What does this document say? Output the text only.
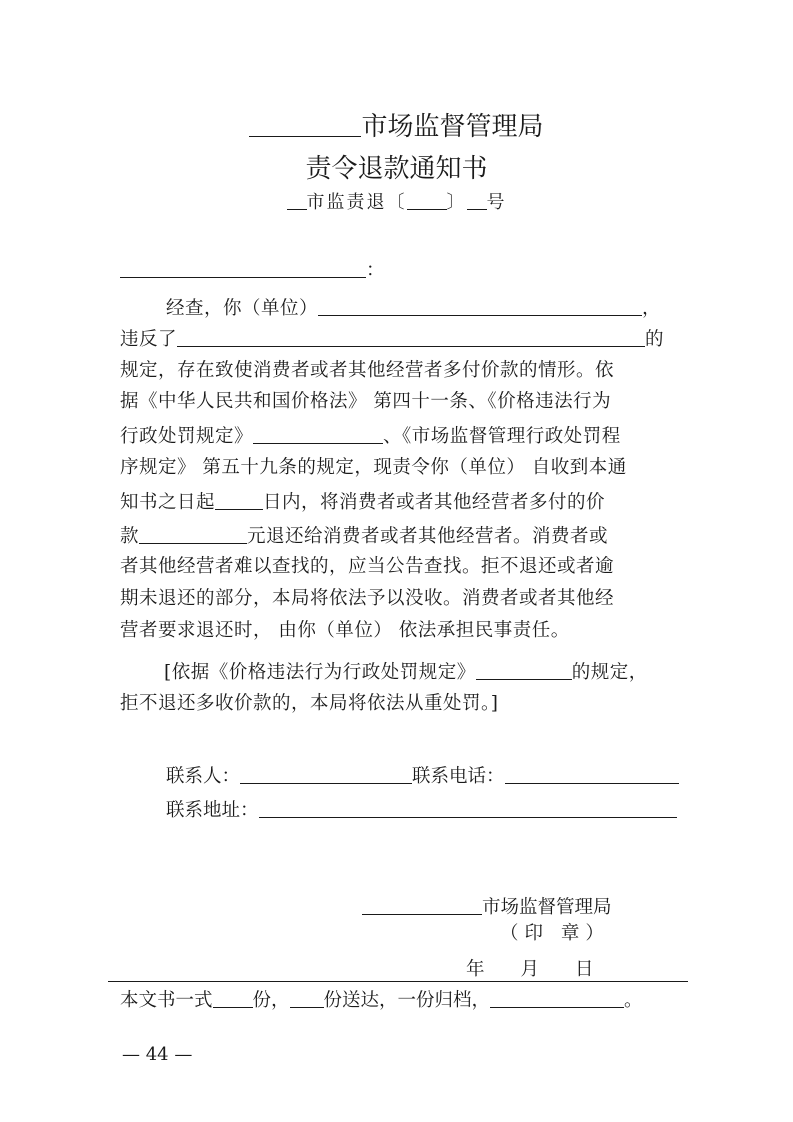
市场监督管理局
责令退款通知书
市监责退〔 〕 号
：
经查，你（单位）	，
违反了	的
规定，存在致使消费者或者其他经营者多付价款的情形。依
据《中华人民共和国价格法》 第四十一条、《价格违法行为
行政处罚规定》	、《市场监督管理行政处罚程
序规定》 第五十九条的规定，现责令你（单位） 自收到本通
知书之日起	日内，将消费者或者其他经营者多付的价
款	元退还给消费者或者其他经营者。消费者或
者其他经营者难以查找的，应当公告查找。拒不退还或者逾
期未退还的部分，本局将依法予以没收。消费者或者其他经
营者要求退还时， 由你（单位） 依法承担民事责任。
[依据《价格违法行为行政处罚规定》	的规定，
拒不退还多收价款的，本局将依法从重处罚。]
联系人：	联系电话：
联系地址：
市场监督管理局
（印 章）
年 月 日
本文书一式 份， 份送达，一份归档，	。
— 44 —
